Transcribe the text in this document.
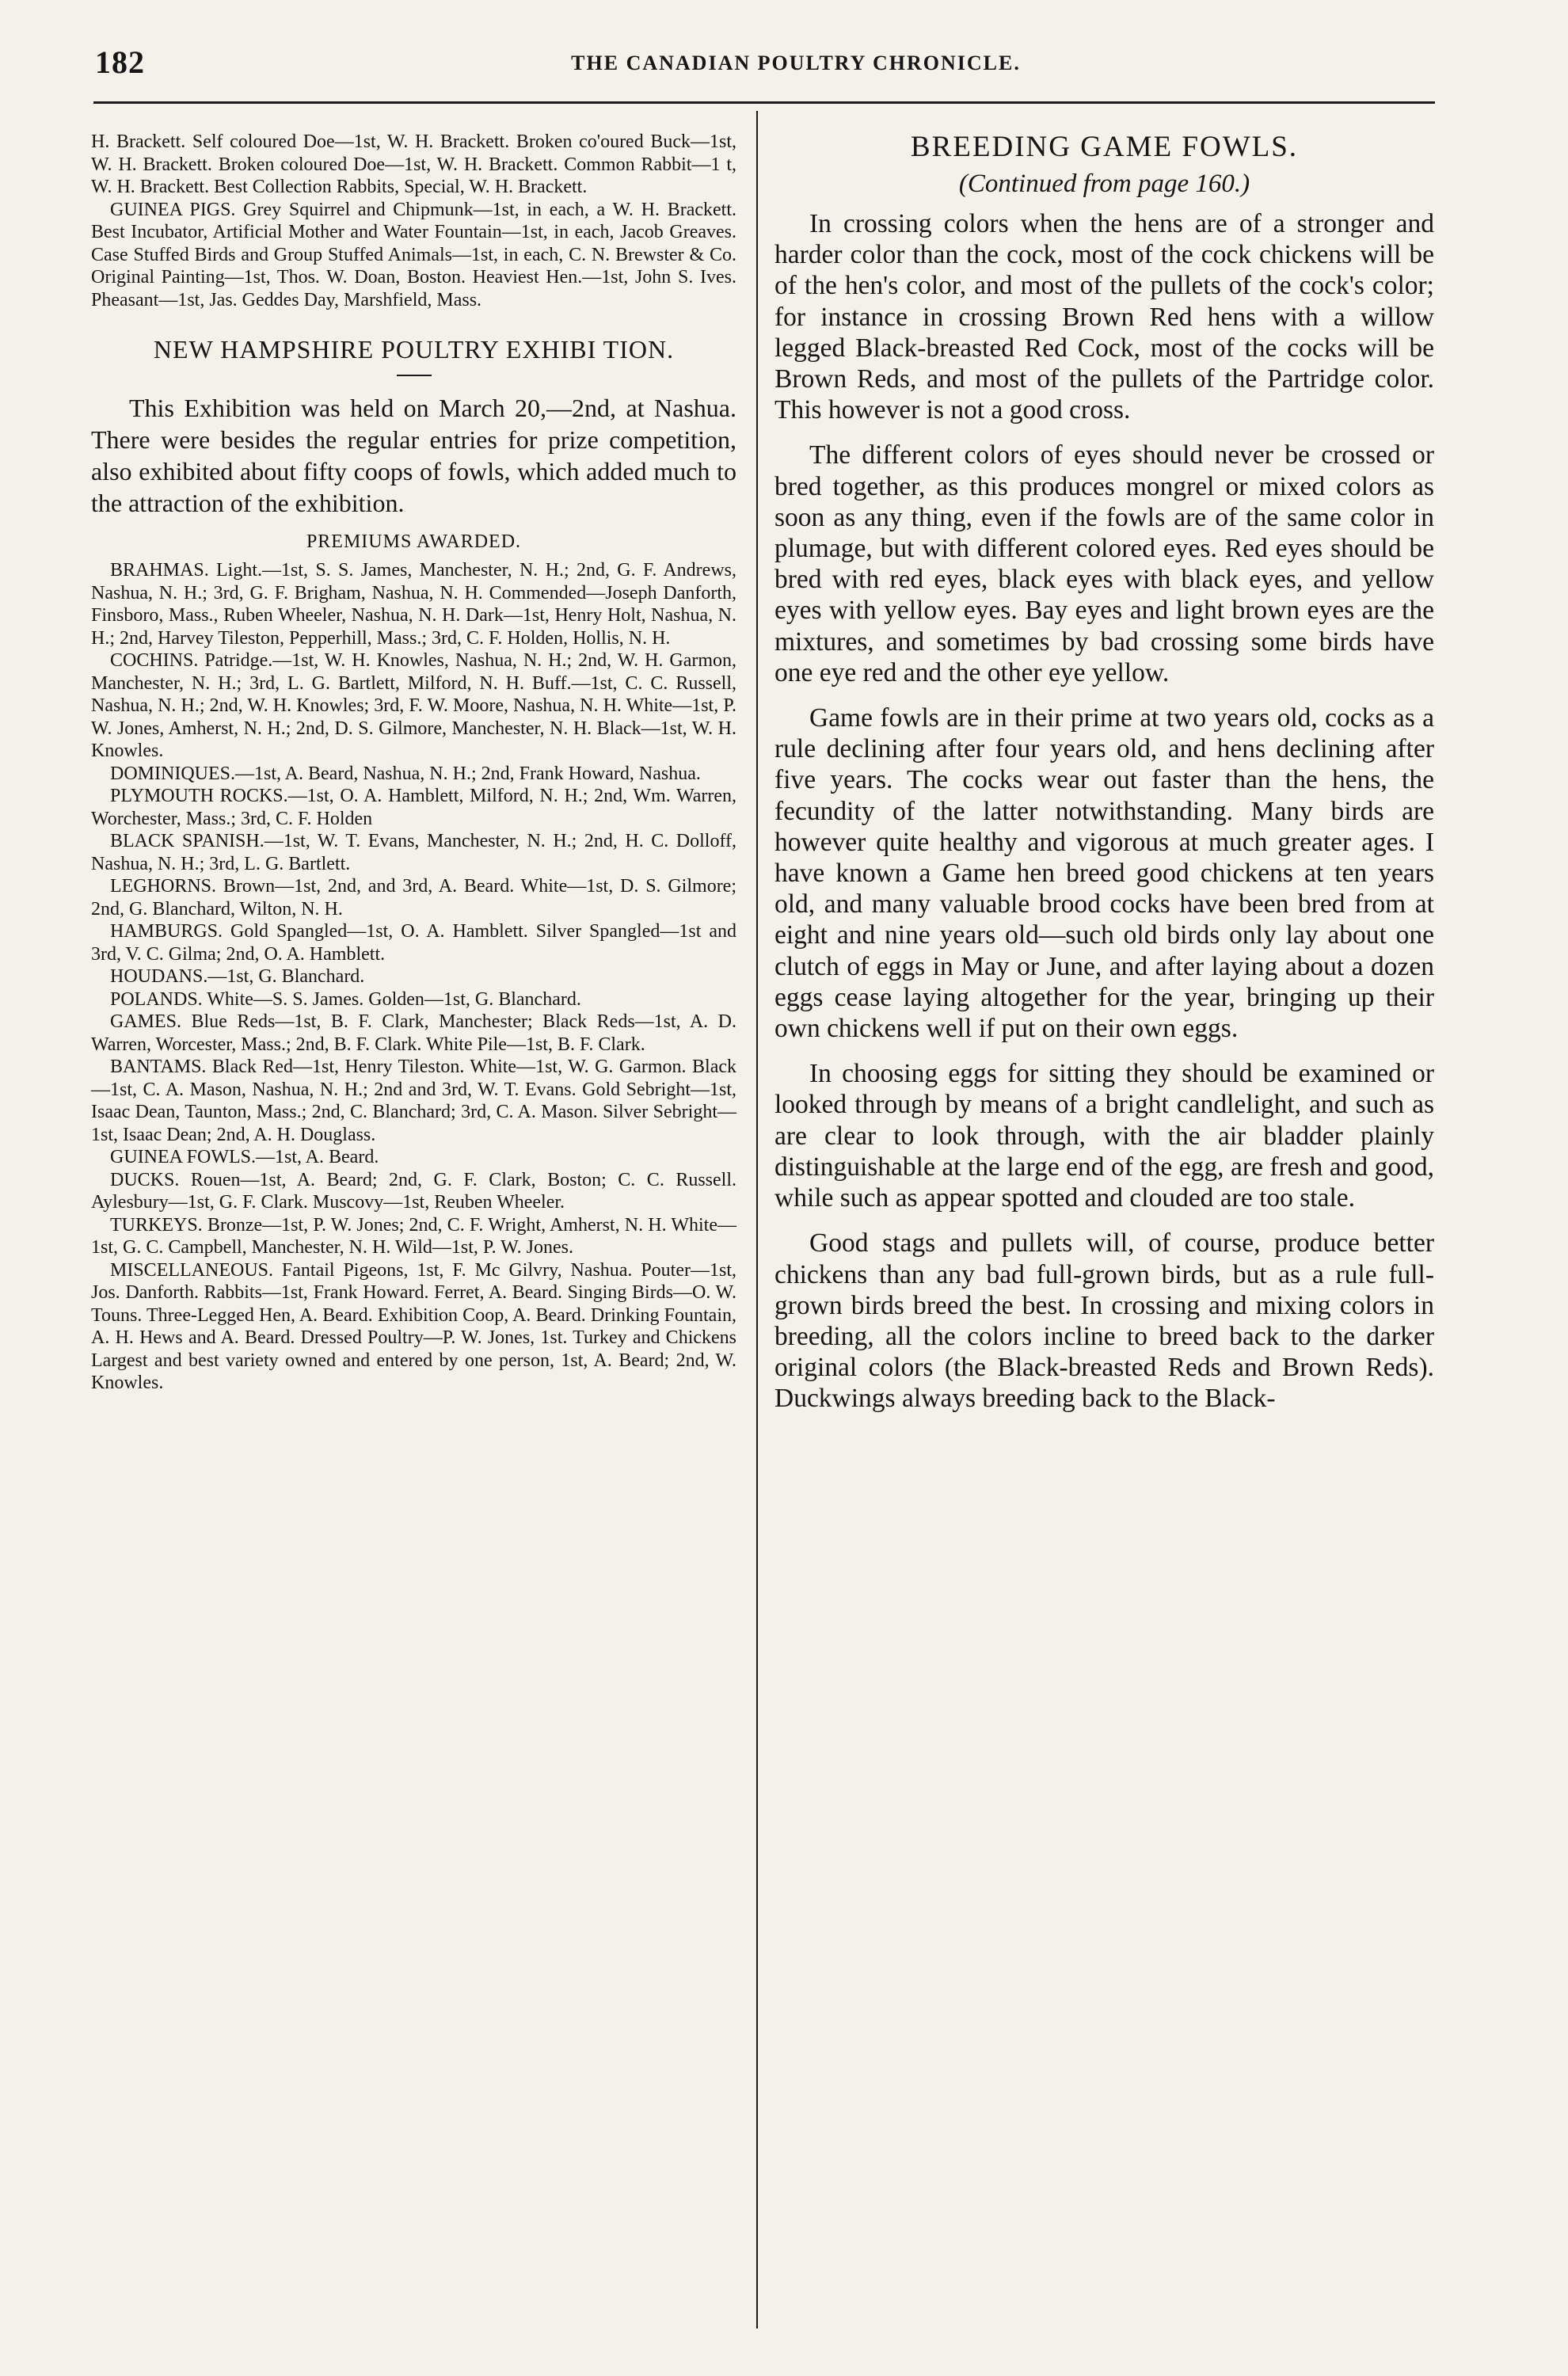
182	THE CANADIAN POULTRY CHRONICLE.

H. Brackett. Self coloured Doe—1st, W. H. Brackett. Broken co'oured Buck—1st, W. H. Brackett. Broken coloured Doe—1st, W. H. Brackett. Common Rabbit—1 t, W. H. Brackett. Best Collection Rabbits, Special, W. H. Brackett.

GUINEA PIGS. Grey Squirrel and Chipmunk—1st, in each, a W. H. Brackett. Best Incubator, Artificial Mother and Water Fountain—1st, in each, Jacob Greaves. Case Stuffed Birds and Group Stuffed Animals—1st, in each, C. N. Brewster & Co. Original Painting—1st, Thos. W. Doan, Boston. Heaviest Hen.—1st, John S. Ives. Pheasant—1st, Jas. Geddes Day, Marshfield, Mass.

NEW HAMPSHIRE POULTRY EXHIBI TION.

This Exhibition was held on March 20,—2nd, at Nashua. There were besides the regular entries for prize competition, also exhibited about fifty coops of fowls, which added much to the attraction of the exhibition.

PREMIUMS AWARDED.

BRAHMAS. Light.—1st, S. S. James, Manchester, N. H.; 2nd, G. F. Andrews, Nashua, N. H.; 3rd, G. F. Brigham, Nashua, N. H. Commended—Joseph Danforth, Finsboro, Mass., Ruben Wheeler, Nashua, N. H. Dark—1st, Henry Holt, Nashua, N. H.; 2nd, Harvey Tileston, Pepperhill, Mass.; 3rd, C. F. Holden, Hollis, N. H.

COCHINS. Patridge.—1st, W. H. Knowles, Nashua, N. H.; 2nd, W. H. Garmon, Manchester, N. H.; 3rd, L. G. Bartlett, Milford, N. H. Buff.—1st, C. C. Russell, Nashua, N. H.; 2nd, W. H. Knowles; 3rd, F. W. Moore, Nashua, N. H. White—1st, P. W. Jones, Amherst, N. H.; 2nd, D. S. Gilmore, Manchester, N. H. Black—1st, W. H. Knowles.

DOMINIQUES.—1st, A. Beard, Nashua, N. H.; 2nd, Frank Howard, Nashua.

PLYMOUTH ROCKS.—1st, O. A. Hamblett, Milford, N. H.; 2nd, Wm. Warren, Worchester, Mass.; 3rd, C. F. Holden

BLACK SPANISH.—1st, W. T. Evans, Manchester, N. H.; 2nd, H. C. Dolloff, Nashua, N. H.; 3rd, L. G. Bartlett.

LEGHORNS. Brown—1st, 2nd, and 3rd, A. Beard. White—1st, D. S. Gilmore; 2nd, G. Blanchard, Wilton, N. H.

HAMBURGS. Gold Spangled—1st, O. A. Hamblett. Silver Spangled—1st and 3rd, V. C. Gilma; 2nd, O. A. Hamblett.

HOUDANS.—1st, G. Blanchard.

POLANDS. White—S. S. James. Golden—1st, G. Blanchard.

GAMES. Blue Reds—1st, B. F. Clark, Manchester; Black Reds—1st, A. D. Warren, Worcester, Mass.; 2nd, B. F. Clark. White Pile—1st, B. F. Clark.

BANTAMS. Black Red—1st, Henry Tileston. White—1st, W. G. Garmon. Black—1st, C. A. Mason, Nashua, N. H.; 2nd and 3rd, W. T. Evans. Gold Sebright—1st, Isaac Dean, Taunton, Mass.; 2nd, C. Blanchard; 3rd, C. A. Mason. Silver Sebright—1st, Isaac Dean; 2nd, A. H. Douglass.

GUINEA FOWLS.—1st, A. Beard.

DUCKS. Rouen—1st, A. Beard; 2nd, G. F. Clark, Boston; C. C. Russell. Aylesbury—1st, G. F. Clark. Muscovy—1st, Reuben Wheeler.

TURKEYS. Bronze—1st, P. W. Jones; 2nd, C. F. Wright, Amherst, N. H. White—1st, G. C. Campbell, Manchester, N. H. Wild—1st, P. W. Jones.

MISCELLANEOUS. Fantail Pigeons, 1st, F. Mc Gilvry, Nashua. Pouter—1st, Jos. Danforth. Rabbits—1st, Frank Howard. Ferret, A. Beard. Singing Birds—O. W. Touns. Three-Legged Hen, A. Beard. Exhibition Coop, A. Beard. Drinking Fountain, A. H. Hews and A. Beard. Dressed Poultry—P. W. Jones, 1st. Turkey and Chickens Largest and best variety owned and entered by one person, 1st, A. Beard; 2nd, W. Knowles.

BREEDING GAME FOWLS.
(Continued from page 160.)

In crossing colors when the hens are of a stronger and harder color than the cock, most of the cock chickens will be of the hen's color, and most of the pullets of the cock's color; for instance in crossing Brown Red hens with a willow legged Black-breasted Red Cock, most of the cocks will be Brown Reds, and most of the pullets of the Partridge color. This however is not a good cross.

The different colors of eyes should never be crossed or bred together, as this produces mongrel or mixed colors as soon as any thing, even if the fowls are of the same color in plumage, but with different colored eyes. Red eyes should be bred with red eyes, black eyes with black eyes, and yellow eyes with yellow eyes. Bay eyes and light brown eyes are the mixtures, and sometimes by bad crossing some birds have one eye red and the other eye yellow.

Game fowls are in their prime at two years old, cocks as a rule declining after four years old, and hens declining after five years. The cocks wear out faster than the hens, the fecundity of the latter notwithstanding. Many birds are however quite healthy and vigorous at much greater ages. I have known a Game hen breed good chickens at ten years old, and many valuable brood cocks have been bred from at eight and nine years old—such old birds only lay about one clutch of eggs in May or June, and after laying about a dozen eggs cease laying altogether for the year, bringing up their own chickens well if put on their own eggs.

In choosing eggs for sitting they should be examined or looked through by means of a bright candlelight, and such as are clear to look through, with the air bladder plainly distinguishable at the large end of the egg, are fresh and good, while such as appear spotted and clouded are too stale.

Good stags and pullets will, of course, produce better chickens than any bad full-grown birds, but as a rule full-grown birds breed the best. In crossing and mixing colors in breeding, all the colors incline to breed back to the darker original colors (the Black-breasted Reds and Brown Reds). Duckwings always breeding back to the Black-
